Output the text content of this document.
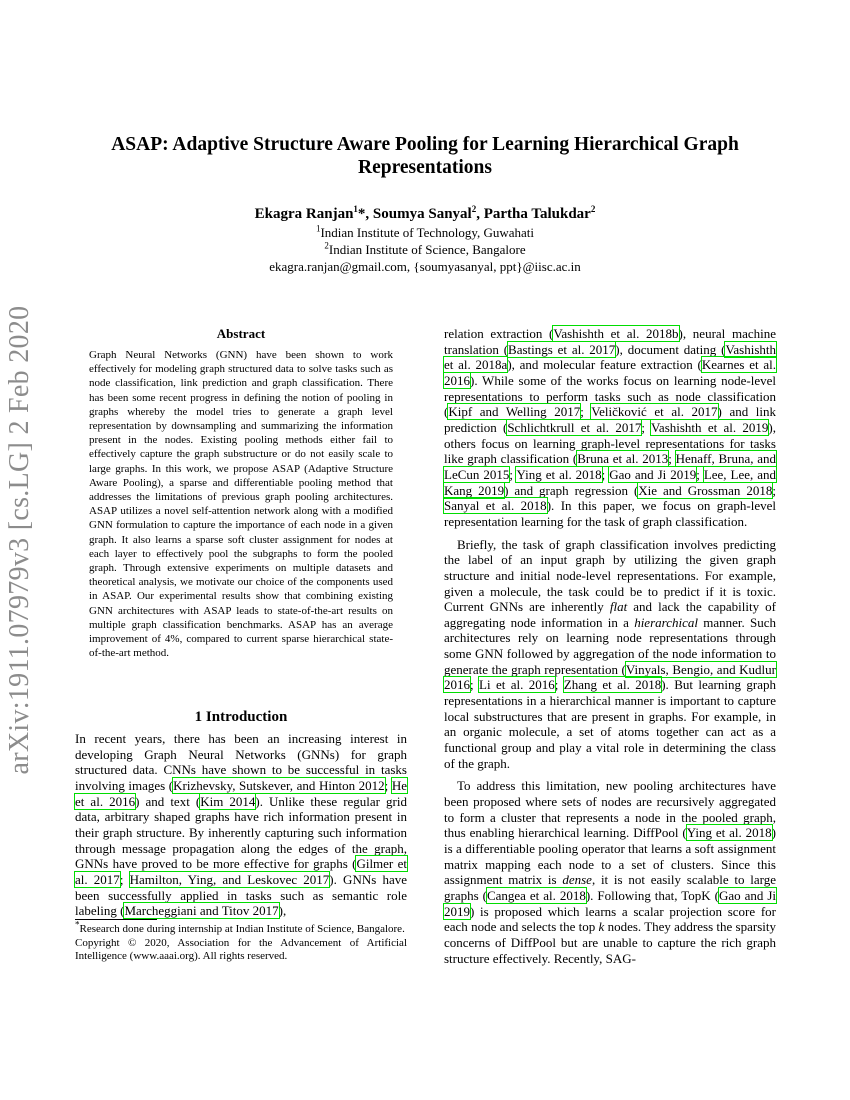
arXiv:1911.07979v3 [cs.LG] 2 Feb 2020
ASAP: Adaptive Structure Aware Pooling for Learning Hierarchical Graph Representations
Ekagra Ranjan$^1$*, Soumya Sanyal$^2$, Partha Talukdar$^2$
$^1$Indian Institute of Technology, Guwahati
$^2$Indian Institute of Science, Bangalore
ekagra.ranjan@gmail.com, {soumyasanyal, ppt}@iisc.ac.in
Abstract
Graph Neural Networks (GNN) have been shown to work effectively for modeling graph structured data to solve tasks such as node classification, link prediction and graph classification. There has been some recent progress in defining the notion of pooling in graphs whereby the model tries to generate a graph level representation by downsampling and summarizing the information present in the nodes. Existing pooling methods either fail to effectively capture the graph substructure or do not easily scale to large graphs. In this work, we propose ASAP (Adaptive Structure Aware Pooling), a sparse and differentiable pooling method that addresses the limitations of previous graph pooling architectures. ASAP utilizes a novel self-attention network along with a modified GNN formulation to capture the importance of each node in a given graph. It also learns a sparse soft cluster assignment for nodes at each layer to effectively pool the subgraphs to form the pooled graph. Through extensive experiments on multiple datasets and theoretical analysis, we motivate our choice of the components used in ASAP. Our experimental results show that combining existing GNN architectures with ASAP leads to state-of-the-art results on multiple graph classification benchmarks. ASAP has an average improvement of 4%, compared to current sparse hierarchical state-of-the-art method.
1 Introduction
In recent years, there has been an increasing interest in developing Graph Neural Networks (GNNs) for graph structured data. CNNs have shown to be successful in tasks involving images (Krizhevsky, Sutskever, and Hinton 2012; He et al. 2016) and text (Kim 2014). Unlike these regular grid data, arbitrary shaped graphs have rich information present in their graph structure. By inherently capturing such information through message propagation along the edges of the graph, GNNs have proved to be more effective for graphs (Gilmer et al. 2017; Hamilton, Ying, and Leskovec 2017). GNNs have been successfully applied in tasks such as semantic role labeling (Marcheggiani and Titov 2017),
*Research done during internship at Indian Institute of Science, Bangalore.
Copyright © 2020, Association for the Advancement of Artificial Intelligence (www.aaai.org). All rights reserved.

relation extraction (Vashishth et al. 2018b), neural machine translation (Bastings et al. 2017), document dating (Vashishth et al. 2018a), and molecular feature extraction (Kearnes et al. 2016). While some of the works focus on learning node-level representations to perform tasks such as node classification (Kipf and Welling 2017; Veličković et al. 2017) and link prediction (Schlichtkrull et al. 2017; Vashishth et al. 2019), others focus on learning graph-level representations for tasks like graph classification (Bruna et al. 2013; Henaff, Bruna, and LeCun 2015; Ying et al. 2018; Gao and Ji 2019; Lee, Lee, and Kang 2019) and graph regression (Xie and Grossman 2018; Sanyal et al. 2018). In this paper, we focus on graph-level representation learning for the task of graph classification.

Briefly, the task of graph classification involves predicting the label of an input graph by utilizing the given graph structure and initial node-level representations. For example, given a molecule, the task could be to predict if it is toxic. Current GNNs are inherently flat and lack the capability of aggregating node information in a hierarchical manner. Such architectures rely on learning node representations through some GNN followed by aggregation of the node information to generate the graph representation (Vinyals, Bengio, and Kudlur 2016; Li et al. 2016; Zhang et al. 2018). But learning graph representations in a hierarchical manner is important to capture local substructures that are present in graphs. For example, in an organic molecule, a set of atoms together can act as a functional group and play a vital role in determining the class of the graph.

To address this limitation, new pooling architectures have been proposed where sets of nodes are recursively aggregated to form a cluster that represents a node in the pooled graph, thus enabling hierarchical learning. DiffPool (Ying et al. 2018) is a differentiable pooling operator that learns a soft assignment matrix mapping each node to a set of clusters. Since this assignment matrix is dense, it is not easily scalable to large graphs (Cangea et al. 2018). Following that, TopK (Gao and Ji 2019) is proposed which learns a scalar projection score for each node and selects the top k nodes. They address the sparsity concerns of DiffPool but are unable to capture the rich graph structure effectively. Recently, SAG-
